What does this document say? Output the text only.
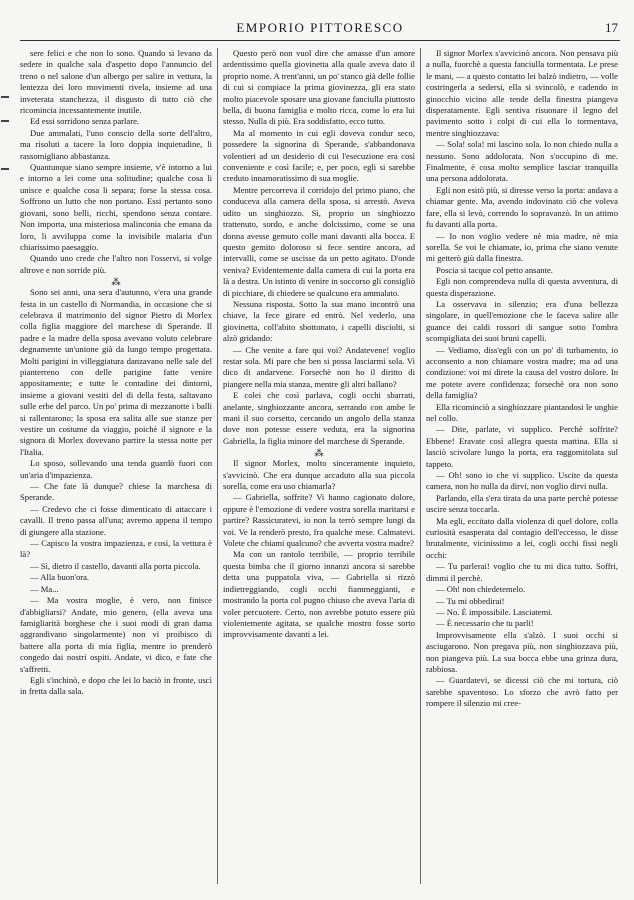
EMPORIO PITTORESCO	17

sere felici e che non lo sono. Quando si levano da sedere in qualche sala d'aspetto dopo l'annuncio del treno o nel salone d'un albergo per salire in vettura, la lentezza dei loro movimenti rivela, insieme ad una inveterata stanchezza, il disgusto di tutto ciò che ricomincia incessantemente inutile.

Ed essi sorridono senza parlare.

Due ammalati, l'uno conscio della sorte dell'altro, ma risoluti a tacere la loro doppia inquietudine, li rassomigliano abbastanza.

Quantunque siano sempre insieme, v'è intorno a lui e intorno a lei come una solitudine; qualche cosa li unisce e qualche cosa li separa; forse la stessa cosa. Soffrono un lutto che non portano. Essi pertanto sono giovani, sono belli, ricchi, spendono senza contare. Non importa, una misteriosa malinconia che emana da loro, li avviluppa come la invisibile malaria d'un chiarissimo paesaggio.

Quando uno crede che l'altro non l'osservi, si volge altrove e non sorride più.

⁂

Sono sei anni, una sera d'autunno, v'era una grande festa in un castello di Normandia, in occasione che si celebrava il matrimonio del signor Pietro di Morlex colla figlia maggiore del marchese di Sperande. Il padre e la madre della sposa avevano voluto celebrare degnamente un'unione già da lungo tempo progettata. Molti parigini in villeggiatura danzavano nelle sale del pianterreno con delle parigine fatte venire appositamente; e tutte le contadine dei dintorni, insieme a giovani vestiti del di della festa, saltavano sulle erbe del parco. Un po' prima di mezzanotte i balli si rallentarono; la sposa era salita alle sue stanze per vestire un costume da viaggio, poichè il signore e la signora di Morlex dovevano partire la stessa notte per l'Italia.

Lo sposo, sollevando una tenda guardò fuori con un'aria d'impazienza.

— Che fate là dunque? chiese la marchesa di Sperande.

— Credevo che ci fosse dimenticato di attaccare i cavalli. Il treno passa all'una; avremo appena il tempo di giungere alla stazione.

— Capisco la vostra impazienza, e così, la vettura è là?

— Sì, dietro il castello, davanti alla porta piccola.

— Alla buon'ora.

— Ma...

— Ma vostra moglie, è vero, non finisce d'abbigliarsi? Andate, mio genero, (ella aveva una famigliarità borghese che i suoi modi di gran dama aggrandivano singolarmente) non vi proibisco di battere alla porta di mia figlia, mentre io prenderò congedo dai nostri ospiti. Andate, vi dico, e fate che s'affretti.

Egli s'inchinò, e dopo che lei lo baciò in fronte, uscì in fretta dalla sala.

Questo però non vuol dire che amasse d'un amore ardentissimo quella giovinetta alla quale aveva dato il proprio nome. A trent'anni, un po' stanco già delle follie di cui si compiace la prima giovinezza, gli era stato molto piacevole sposare una giovane fanciulla piuttosto bella, di buona famiglia e molto ricca, come lo era lui stesso. Nulla di più. Era soddisfatto, ecco tutto.

Ma al momento in cui egli doveva condur seco, possedere la signorina di Sperande, s'abbandonava volentieri ad un desiderio di cui l'esecuzione era così conveniente e così facile; e, per poco, egli si sarebbe creduto innamoratissimo di sua moglie.

Mentre percorreva il corridojo del primo piano, che conduceva alla camera della sposa, si arrestò. Aveva udito un singhiozzo. Sì, proprio un singhiozzo trattenuto, sordo, e anche dolcissimo, come se una donna avesse gemuto colle mani davanti alla bocca. E questo gemito doloroso si fece sentire ancora, ad intervalli, come se uscisse da un petto agitato. D'onde veniva? Evidentemente dalla camera di cui la porta era là a destra. Un istinto di venire in soccorso gli consigliò di picchiare, di chiedere se qualcuno era ammalato.

Nessuna risposta. Sotto la sua mano incontrò una chiave, la fece girare ed entrò. Nel vederlo, una giovinetta, coll'abito sbottonato, i capelli disciolti, si alzò gridando:

— Che venite a fare qui voi? Andatevene! voglio restar sola. Mi pare che ben si possa lasciarmi sola. Vi dico di andarvene. Forsechè non ho il diritto di piangere nella mia stanza, mentre gli altri ballano?

E colei che così parlava, cogli occhi sbarrati, anelante, singhiozzante ancora, serrando con ambe le mani il suo corsetto, cercando un angolo della stanza dove non potesse essere veduta, era la signorina Gabriella, la figlia minore del marchese di Sperande.

⁂

Il signor Morlex, molto sinceramente inquieto, s'avvicinò. Che era dunque accaduto alla sua piccola sorella, come era uso chiamarla?

— Gabriella, soffrite? Vi hanno cagionato dolore, oppure è l'emozione di vedere vostra sorella maritarsi e partire? Rassicuratevi, io non la terrò sempre lungi da voi. Ve la renderò presto, fra qualche mese. Calmatevi. Volete che chiami qualcuno? che avverta vostra madre?

Ma con un rantolo terribile, — proprio terribile questa bimba che il giorno innanzi ancora si sarebbe detta una puppatola viva, — Gabriella si rizzò indietreggiando, cogli occhi fiammeggianti, e mostrando la porta col pugno chiuso che aveva l'aria di voler percuotere. Certo, non avrebbe potuto essere più violentemente agitata, se qualche mostro fosse sorto improvvisamente davanti a lei.

Il signor Morlex s'avvicinò ancora. Non pensava più a nulla, fuorchè a questa fanciulla tormentata. Le prese le mani, — a questo contatto lei balzò indietro, — volle costringerla a sedersi, ella si svincolò, e cadendo in ginocchio vicino alle tende della finestra piangeva disperatamente. Egli sentiva risuonare il legno del pavimento sotto i colpi di cui ella lo tormentava, mentre singhiozzava:

— Sola! sola! mi lascino sola. Io non chiedo nulla a nessuno. Sono addolorata. Non s'occupino di me. Finalmente, è cosa molto semplice lasciar tranquilla una persona addolorata.

Egli non esitò più, si diresse verso la porta: andava a chiamar gente. Ma, avendo indovinato ciò che voleva fare, ella si levò, correndo lo sopravanzò. In un attimo fu davanti alla porta.

— Io non voglio vedere nè mia madre, nè mia sorella. Se voi le chiamate, io, prima che siano venute mi getterò giù dalla finestra.

Poscia si tacque col petto ansante.

Egli non comprendeva nulla di questa avventura, di questa disperazione.

La osservava in silenzio; era d'una bellezza singolare, in quell'emozione che le faceva salire alle guance dei caldi rossori di sangue sotto l'ombra scompigliata dei suoi bruni capelli.

— Vediamo, diss'egli con un po' di turbamento, io acconsento a non chiamare vostra madre; ma ad una condizione: voi mi direte la causa del vostro dolore. In me potete avere confidenza; forsechè ora non sono della famiglia?

Ella ricominciò a singhiozzare piantandosi le unghie nel collo.

— Dite, parlate, vi supplico. Perchè soffrite? Ebbene! Eravate così allegra questa mattina. Ella si lasciò scivolare lungo la porta, era raggomitolata sul tappeto.

— Oh! sono io che vi supplico. Uscite da questa camera, non ho nulla da dirvi, non voglio dirvi nulla.

Parlando, ella s'era tirata da una parte perchè potesse uscire senza toccarla.

Ma egli, eccitato dalla violenza di quel dolore, colla curiosità esasperata dal contagio dell'eccesso, le disse brutalmente, vicinissimo a lei, cogli occhi fissi negli occhi:

— Tu parlerai! voglio che tu mi dica tutto. Soffri, dimmi il perchè.

— Oh! non chiedetemelo.

— Tu mi obbedirai!

— No. È impossibile. Lasciatemi.

— È necessario che tu parli!

Improvvisamente ella s'alzò. I suoi occhi si asciugarono. Non pregava più, non singhiozzava più, non piangeva più. La sua bocca ebbe una grinza dura, rabbiosa.

— Guardatevi, se dicessi ciò che mi tortura, ciò sarebbe spaventoso. Lo sforzo che avrò fatto per rompere il silenzio mi cree-
